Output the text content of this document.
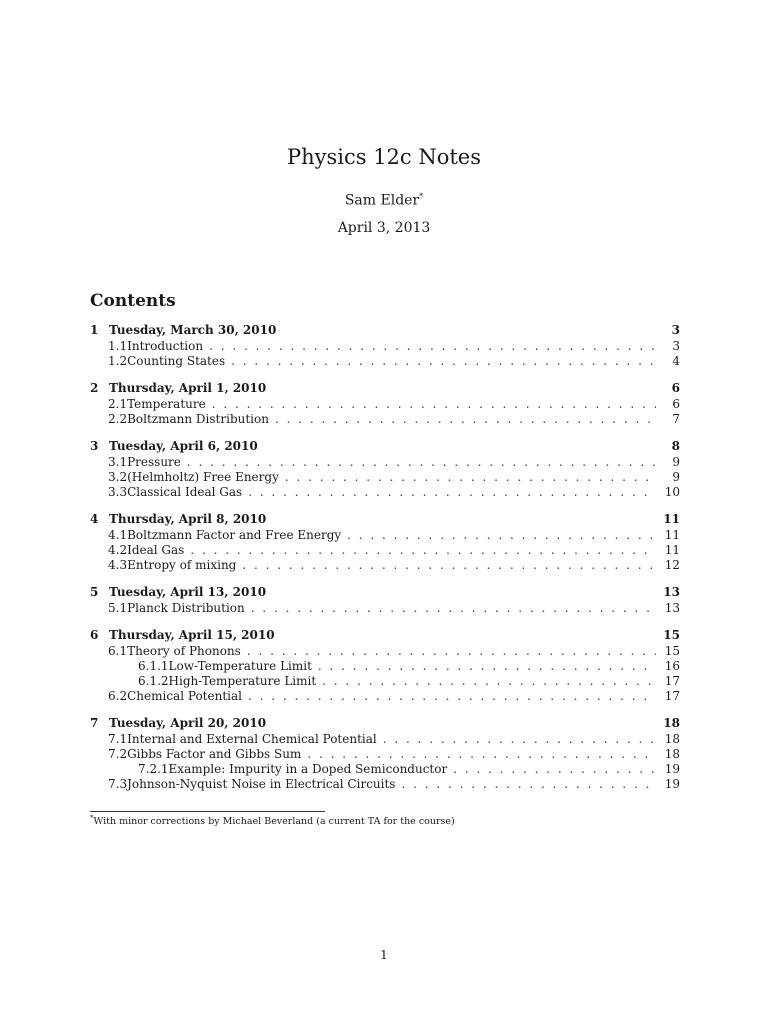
Physics 12c Notes
Sam Elder*
April 3, 2013
Contents
1 Tuesday, March 30, 2010	3
1.1 Introduction . . .	3
1.2 Counting States . . .	4
2 Thursday, April 1, 2010	6
2.1 Temperature . . .	6
2.2 Boltzmann Distribution . . .	7
3 Tuesday, April 6, 2010	8
3.1 Pressure . . .	9
3.2 (Helmholtz) Free Energy . . .	9
3.3 Classical Ideal Gas . . .	10
4 Thursday, April 8, 2010	11
4.1 Boltzmann Factor and Free Energy . . .	11
4.2 Ideal Gas . . .	11
4.3 Entropy of mixing . . .	12
5 Tuesday, April 13, 2010	13
5.1 Planck Distribution . . .	13
6 Thursday, April 15, 2010	15
6.1 Theory of Phonons . . .	15
6.1.1 Low-Temperature Limit . . .	16
6.1.2 High-Temperature Limit . . .	17
6.2 Chemical Potential . . .	17
7 Tuesday, April 20, 2010	18
7.1 Internal and External Chemical Potential . . .	18
7.2 Gibbs Factor and Gibbs Sum . . .	18
7.2.1 Example: Impurity in a Doped Semiconductor . . .	19
7.3 Johnson-Nyquist Noise in Electrical Circuits . . .	19
*With minor corrections by Michael Beverland (a current TA for the course)
1
